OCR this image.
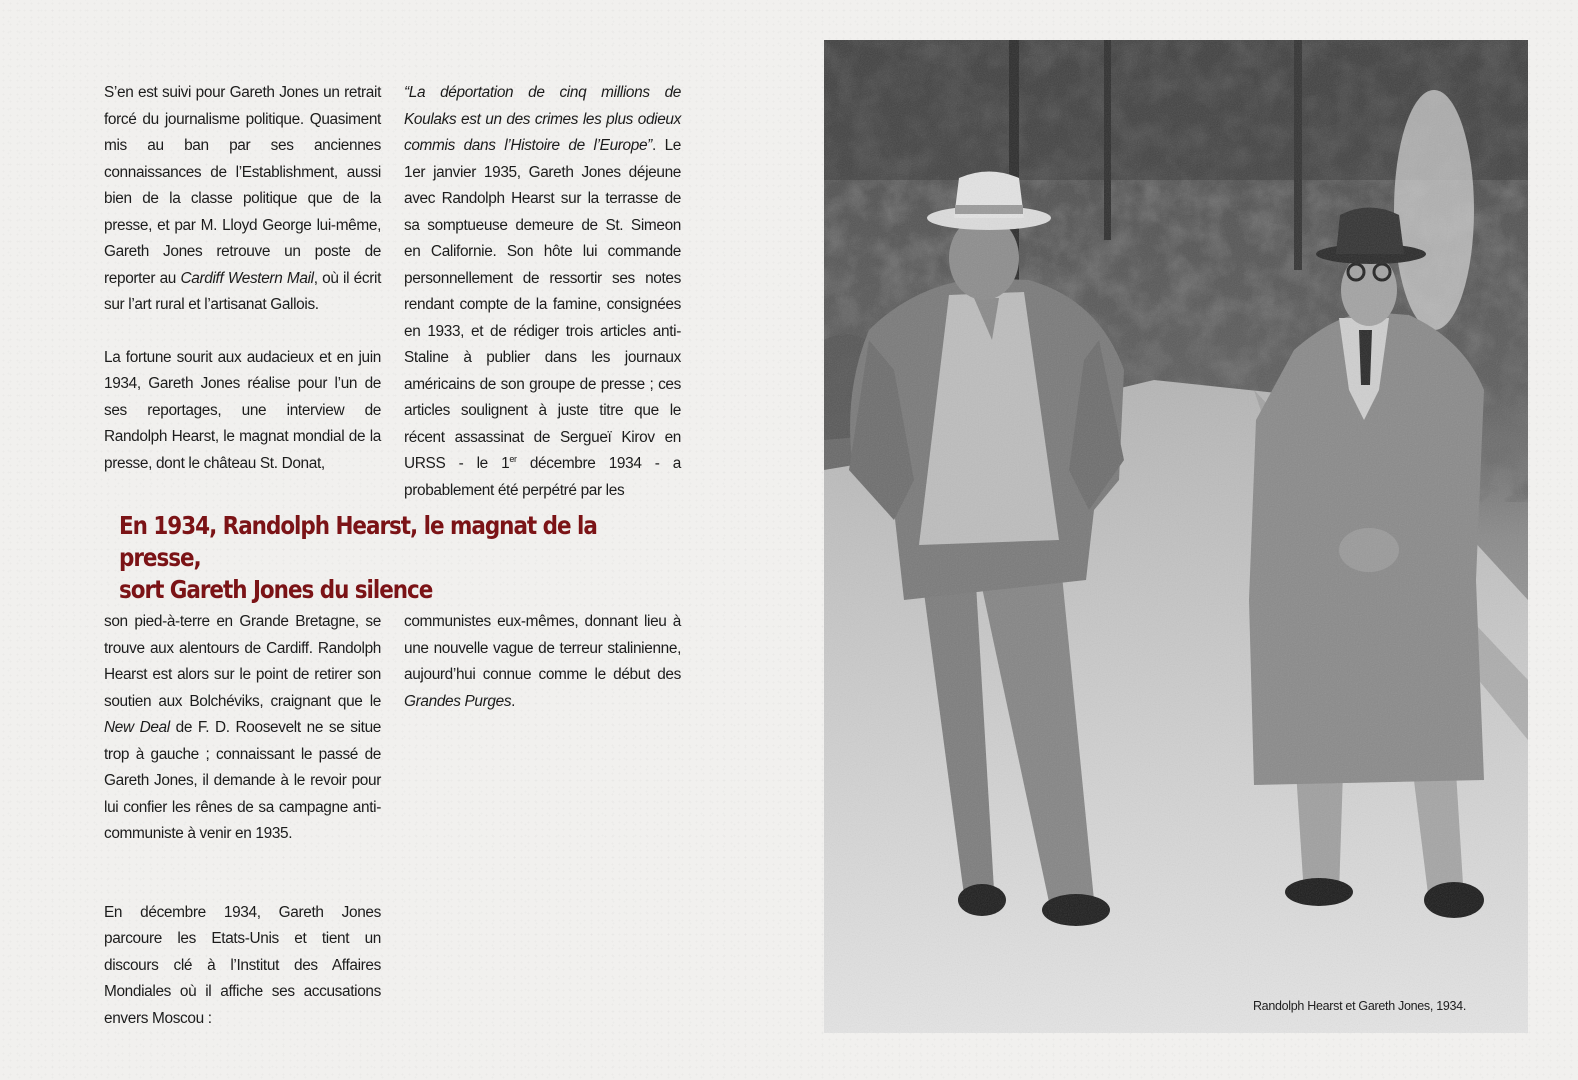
S’en est suivi pour Gareth Jones un retrait forcé du journalisme politique. Quasiment mis au ban par ses anciennes connaissances de l’Establishment, aussi bien de la classe politique que de la presse, et par M. Lloyd George lui-même, Gareth Jones retrouve un poste de reporter au Cardiff Western Mail, où il écrit sur l’art rural et l’artisanat Gallois.

La fortune sourit aux audacieux et en juin 1934, Gareth Jones réalise pour l’un de ses reportages, une interview de Randolph Hearst, le magnat mondial de la presse, dont le château St. Donat,

“La déportation de cinq millions de Koulaks est un des crimes les plus odieux commis dans l’Histoire de l’Europe”. Le 1er janvier 1935, Gareth Jones déjeune avec Randolph Hearst sur la terrasse de sa somptueuse demeure de St. Simeon en Californie. Son hôte lui commande personnellement de ressortir ses notes rendant compte de la famine, consignées en 1933, et de rédiger trois articles anti-Staline à publier dans les journaux américains de son groupe de presse ; ces articles soulignent à juste titre que le récent assassinat de Sergueï Kirov en URSS - le 1er décembre 1934 - a probablement été perpétré par les

En 1934, Randolph Hearst, le magnat de la presse,
sort Gareth Jones du silence

son pied-à-terre en Grande Bretagne, se trouve aux alentours de Cardiff. Randolph Hearst est alors sur le point de retirer son soutien aux Bolchéviks, craignant que le New Deal de F. D. Roosevelt ne se situe trop à gauche ; connaissant le passé de Gareth Jones, il demande à le revoir pour lui confier les rênes de sa campagne anti-communiste à venir en 1935.

En décembre 1934, Gareth Jones parcoure les Etats-Unis et tient un discours clé à l’Institut des Affaires Mondiales où il affiche ses accusations envers Moscou :

communistes eux-mêmes, donnant lieu à une nouvelle vague de terreur stalinienne, aujourd’hui connue comme le début des Grandes Purges.

Randolph Hearst et Gareth Jones, 1934.
